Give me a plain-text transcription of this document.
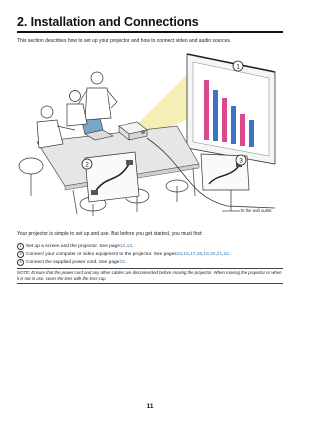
2. Installation and Connections
This section describes how to set up your projector and how to connect video and audio sources.
1
2
3
To the wall outlet.
Your projector is simple to set up and use. But before you get started, you must first:
1 Set up a screen and the projector. See page 12 , 13 .
2 Connect your computer or video equipment to the projector. See pages 15 , 16 , 17 , 18 , 19 , 20 , 21 , 22 .
3 Connect the supplied power cord. See page 23 .
NOTE: Ensure that the power cord and any other cables are disconnected before moving the projector. When moving the projector or when it is not in use, cover the lens with the lens cap.
11
